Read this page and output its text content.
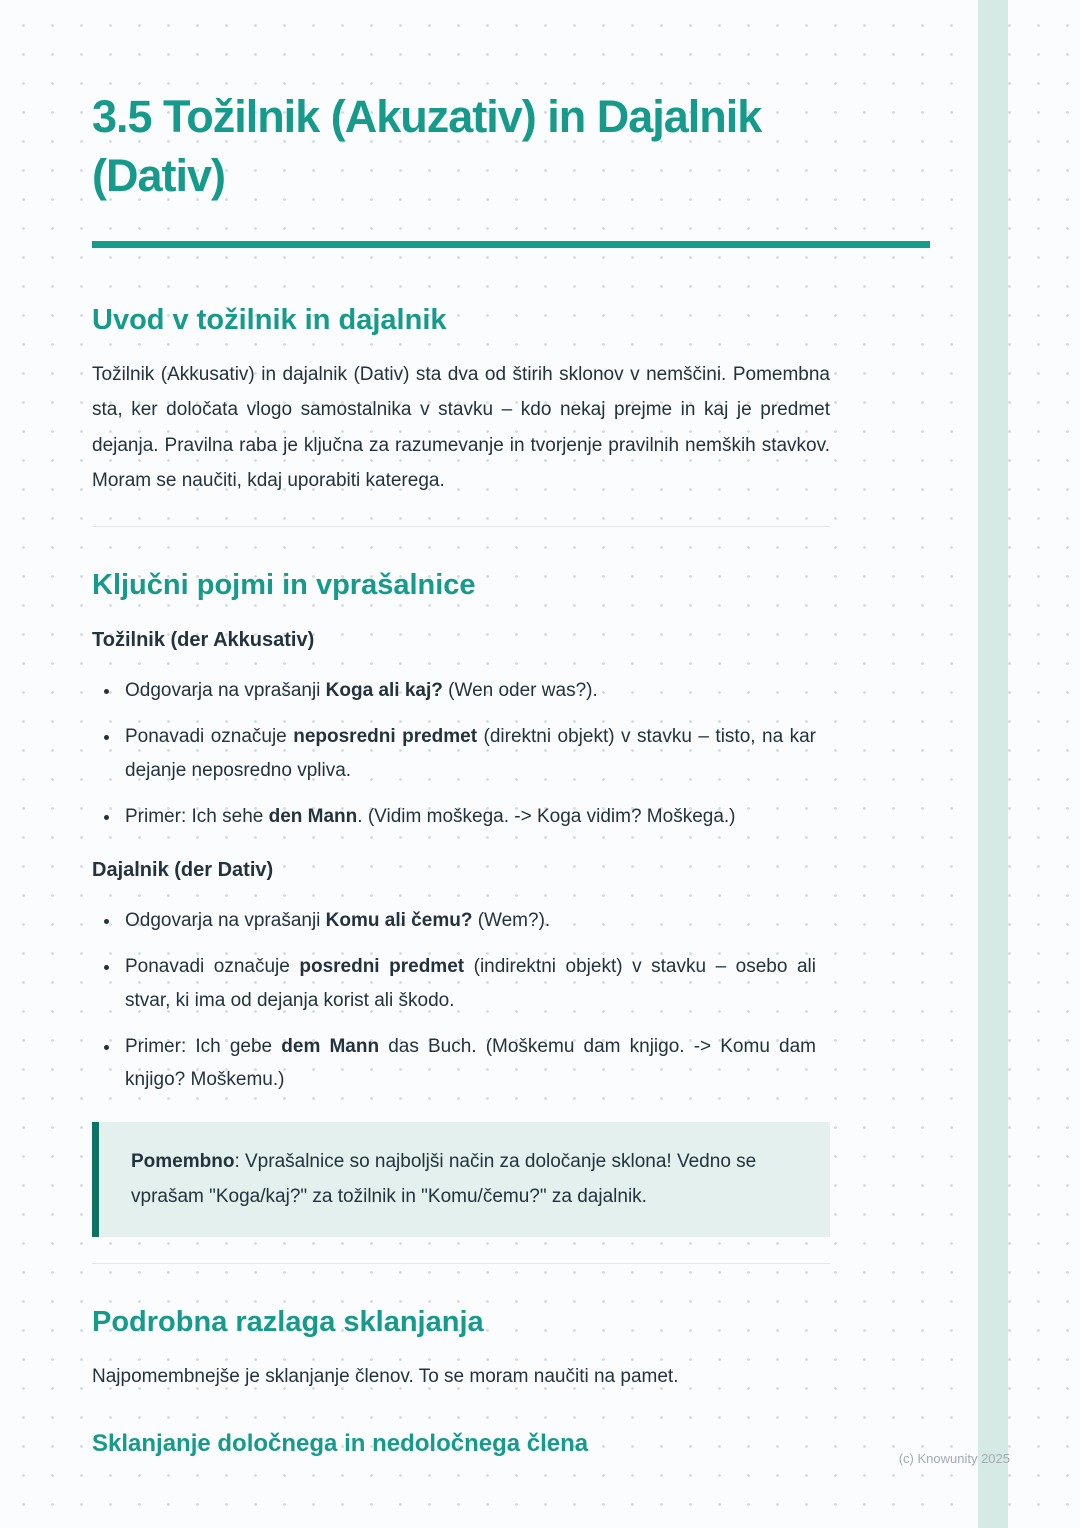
3.5 Tožilnik (Akuzativ) in Dajalnik (Dativ)
Uvod v tožilnik in dajalnik

Tožilnik (Akkusativ) in dajalnik (Dativ) sta dva od štirih sklonov v nemščini. Pomembna sta, ker določata vlogo samostalnika v stavku – kdo nekaj prejme in kaj je predmet dejanja. Pravilna raba je ključna za razumevanje in tvorjenje pravilnih nemških stavkov. Moram se naučiti, kdaj uporabiti katerega.

Ključni pojmi in vprašalnice
Tožilnik (der Akkusativ)
• Odgovarja na vprašanji Koga ali kaj? (Wen oder was?).
• Ponavadi označuje neposredni predmet (direktni objekt) v stavku – tisto, na kar dejanje neposredno vpliva.
• Primer: Ich sehe den Mann. (Vidim moškega. -> Koga vidim? Moškega.)
Dajalnik (der Dativ)
• Odgovarja na vprašanji Komu ali čemu? (Wem?).
• Ponavadi označuje posredni predmet (indirektni objekt) v stavku – osebo ali stvar, ki ima od dejanja korist ali škodo.
• Primer: Ich gebe dem Mann das Buch. (Moškemu dam knjigo. -> Komu dam knjigo? Moškemu.)

Pomembno: Vprašalnice so najboljši način za določanje sklona! Vedno se vprašam "Koga/kaj?" za tožilnik in "Komu/čemu?" za dajalnik.

Podrobna razlaga sklanjanja

Najpomembnejše je sklanjanje členov. To se moram naučiti na pamet.

Sklanjanje določnega in nedoločnega člena
(c) Knowunity 2025
